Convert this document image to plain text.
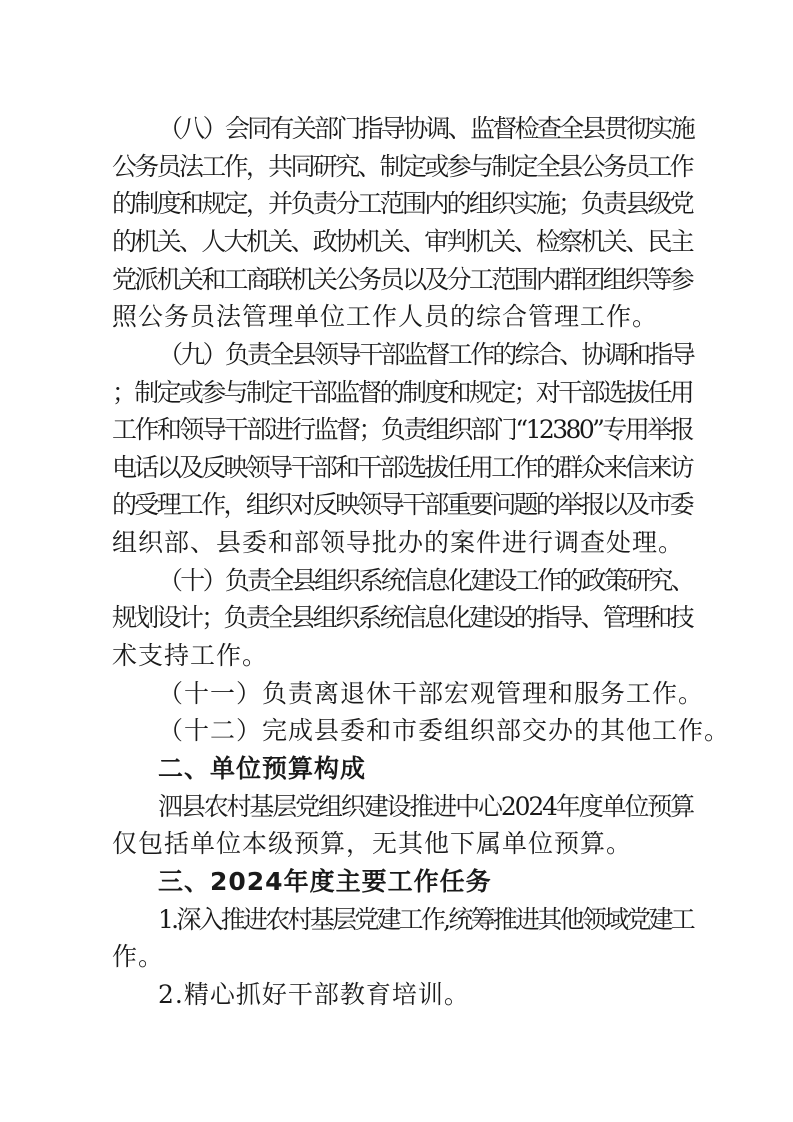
（八）会同有关部门指导协调、监督检查全县贯彻实施
公务员法工作，共同研究、制定或参与制定全县公务员工作
的制度和规定，并负责分工范围内的组织实施；负责县级党
的机关、人大机关、政协机关、审判机关、检察机关、民主
党派机关和工商联机关公务员以及分工范围内群团组织等参
照公务员法管理单位工作人员的综合管理工作。
（九）负责全县领导干部监督工作的综合、协调和指导
；制定或参与制定干部监督的制度和规定；对干部选拔任用
工作和领导干部进行监督；负责组织部门“12380”专用举报
电话以及反映领导干部和干部选拔任用工作的群众来信来访
的受理工作，组织对反映领导干部重要问题的举报以及市委
组织部、县委和部领导批办的案件进行调查处理。
（十）负责全县组织系统信息化建设工作的政策研究、
规划设计；负责全县组织系统信息化建设的指导、管理和技
术支持工作。
（十一）负责离退休干部宏观管理和服务工作。
（十二）完成县委和市委组织部交办的其他工作。
二、单位预算构成
泗县农村基层党组织建设推进中心2024年度单位预算
仅包括单位本级预算，无其他下属单位预算。
三、2024年度主要工作任务
1.深入推进农村基层党建工作,统筹推进其他领域党建工
作。
2.精心抓好干部教育培训。
